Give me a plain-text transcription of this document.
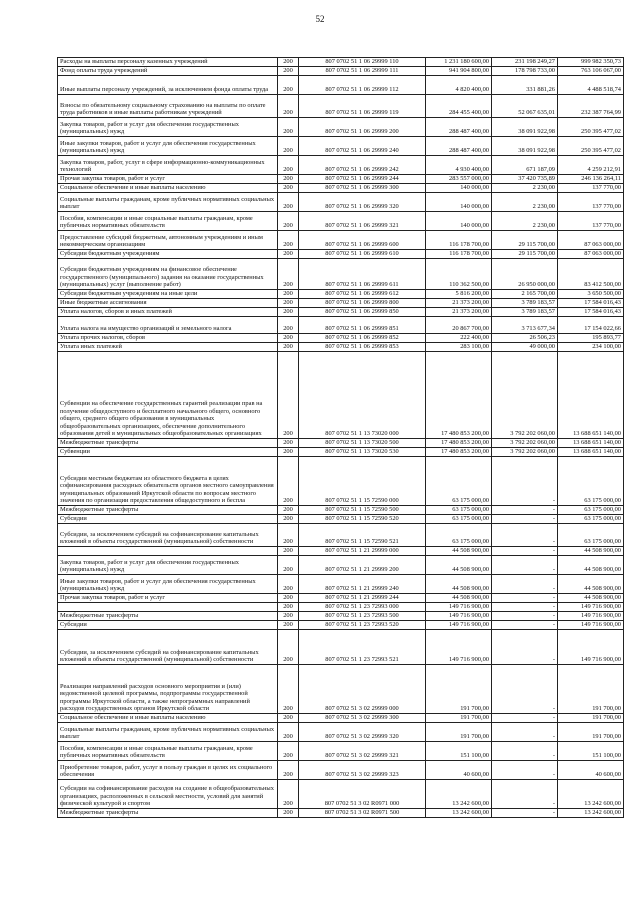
52
Расходы на выплаты персоналу казенных учреждений	200	807 0702 51 1 06 29999 110	1 231 180 600,00	231 198 249,27	999 982 350,73
Фонд оплаты труда учреждений	200	807 0702 51 1 06 29999 111	941 904 800,00	178 798 733,00	763 106 067,00
Иные выплаты персоналу учреждений, за исключением фонда оплаты труда	200	807 0702 51 1 06 29999 112	4 820 400,00	331 881,26	4 488 518,74
Взносы по обязательному социальному страхованию на выплаты по оплате труда работников и иные выплаты работникам учреждений	200	807 0702 51 1 06 29999 119	284 455 400,00	52 067 635,01	232 387 764,99
Закупка товаров, работ и услуг для обеспечения государственных (муниципальных) нужд	200	807 0702 51 1 06 29999 200	288 487 400,00	38 091 922,98	250 395 477,02
Иные закупки товаров, работ и услуг для обеспечения государственных (муниципальных) нужд	200	807 0702 51 1 06 29999 240	288 487 400,00	38 091 922,98	250 395 477,02
Закупка товаров, работ, услуг в сфере информационно-коммуникационных технологий	200	807 0702 51 1 06 29999 242	4 930 400,00	671 187,09	4 259 212,91
Прочая закупка товаров, работ и услуг	200	807 0702 51 1 06 29999 244	283 557 000,00	37 420 735,89	246 136 264,11
Социальное обеспечение и иные выплаты населению	200	807 0702 51 1 06 29999 300	140 000,00	2 230,00	137 770,00
Социальные выплаты гражданам, кроме публичных нормативных социальных выплат	200	807 0702 51 1 06 29999 320	140 000,00	2 230,00	137 770,00
Пособия, компенсации и иные социальные выплаты гражданам, кроме публичных нормативных обязательств	200	807 0702 51 1 06 29999 321	140 000,00	2 230,00	137 770,00
Предоставление субсидий бюджетным, автономным учреждениям и иным некоммерческим организациям	200	807 0702 51 1 06 29999 600	116 178 700,00	29 115 700,00	87 063 000,00
Субсидии бюджетным учреждениям	200	807 0702 51 1 06 29999 610	116 178 700,00	29 115 700,00	87 063 000,00
Субсидии бюджетным учреждениям на финансовое обеспечение государственного (муниципального) задания на оказание государственных (муниципальных) услуг (выполнение работ)	200	807 0702 51 1 06 29999 611	110 362 500,00	26 950 000,00	83 412 500,00
Субсидии бюджетным учреждениям на иные цели	200	807 0702 51 1 06 29999 612	5 816 200,00	2 165 700,00	3 650 500,00
Иные бюджетные ассигнования	200	807 0702 51 1 06 29999 800	21 373 200,00	3 789 183,57	17 584 016,43
Уплата налогов, сборов и иных платежей	200	807 0702 51 1 06 29999 850	21 373 200,00	3 789 183,57	17 584 016,43
Уплата налога на имущество организаций и земельного налога	200	807 0702 51 1 06 29999 851	20 867 700,00	3 713 677,34	17 154 022,66
Уплата прочих налогов, сборов	200	807 0702 51 1 06 29999 852	222 400,00	26 506,23	195 893,77
Уплата иных платежей	200	807 0702 51 1 06 29999 853	283 100,00	49 000,00	234 100,00
Субвенции на обеспечение государственных гарантий реализации прав на получение общедоступного и бесплатного начального общего, основного общего, среднего общего образования в муниципальных общеобразовательных организациях, обеспечение дополнительного образования детей в муниципальных общеобразовательных организациях	200	807 0702 51 1 13 73020 000	17 480 853 200,00	3 792 202 060,00	13 688 651 140,00
Межбюджетные трансферты	200	807 0702 51 1 13 73020 500	17 480 853 200,00	3 792 202 060,00	13 688 651 140,00
Субвенции	200	807 0702 51 1 13 73020 530	17 480 853 200,00	3 792 202 060,00	13 688 651 140,00
Субсидии местным бюджетам из областного бюджета в целях софинансирования расходных обязательств органов местного самоуправления муниципальных образований Иркутской области по вопросам местного значения по организации предоставления общедоступного и беспла	200	807 0702 51 1 15 72590 000	63 175 000,00	-	63 175 000,00
Межбюджетные трансферты	200	807 0702 51 1 15 72590 500	63 175 000,00	-	63 175 000,00
Субсидии	200	807 0702 51 1 15 72590 520	63 175 000,00	-	63 175 000,00
Субсидии, за исключением субсидий на софинансирование капитальных вложений в объекты государственной (муниципальной) собственности	200	807 0702 51 1 15 72590 521	63 175 000,00	-	63 175 000,00
	200	807 0702 51 1 21 29999 000	44 508 900,00	-	44 508 900,00
Закупка товаров, работ и услуг для обеспечения государственных (муниципальных) нужд	200	807 0702 51 1 21 29999 200	44 508 900,00	-	44 508 900,00
Иные закупки товаров, работ и услуг для обеспечения государственных (муниципальных) нужд	200	807 0702 51 1 21 29999 240	44 508 900,00	-	44 508 900,00
Прочая закупка товаров, работ и услуг	200	807 0702 51 1 21 29999 244	44 508 900,00	-	44 508 900,00
	200	807 0702 51 1 23 72993 000	149 716 900,00	-	149 716 900,00
Межбюджетные трансферты	200	807 0702 51 1 23 72993 500	149 716 900,00	-	149 716 900,00
Субсидии	200	807 0702 51 1 23 72993 520	149 716 900,00	-	149 716 900,00
Субсидии, за исключением субсидий на софинансирование капитальных вложений в объекты государственной (муниципальной) собственности	200	807 0702 51 1 23 72993 521	149 716 900,00	-	149 716 900,00
Реализация направлений расходов основного мероприятия и (или) ведомственной целевой программы, подпрограммы государственной программы Иркутской области, а также непрограммных направлений расходов государственных органов Иркутской области	200	807 0702 51 3 02 29999 000	191 700,00	-	191 700,00
Социальное обеспечение и иные выплаты населению	200	807 0702 51 3 02 29999 300	191 700,00	-	191 700,00
Социальные выплаты гражданам, кроме публичных нормативных социальных выплат	200	807 0702 51 3 02 29999 320	191 700,00	-	191 700,00
Пособия, компенсации и иные социальные выплаты гражданам, кроме публичных нормативных обязательств	200	807 0702 51 3 02 29999 321	151 100,00	-	151 100,00
Приобретение товаров, работ, услуг в пользу граждан в целях их социального обеспечения	200	807 0702 51 3 02 29999 323	40 600,00	-	40 600,00
Субсидии на софинансирование расходов на создание в общеобразовательных организациях, расположенных в сельской местности, условий для занятий физической культурой и спортом	200	807 0702 51 3 02 R0971 000	13 242 600,00	-	13 242 600,00
Межбюджетные трансферты	200	807 0702 51 3 02 R0971 500	13 242 600,00	-	13 242 600,00
